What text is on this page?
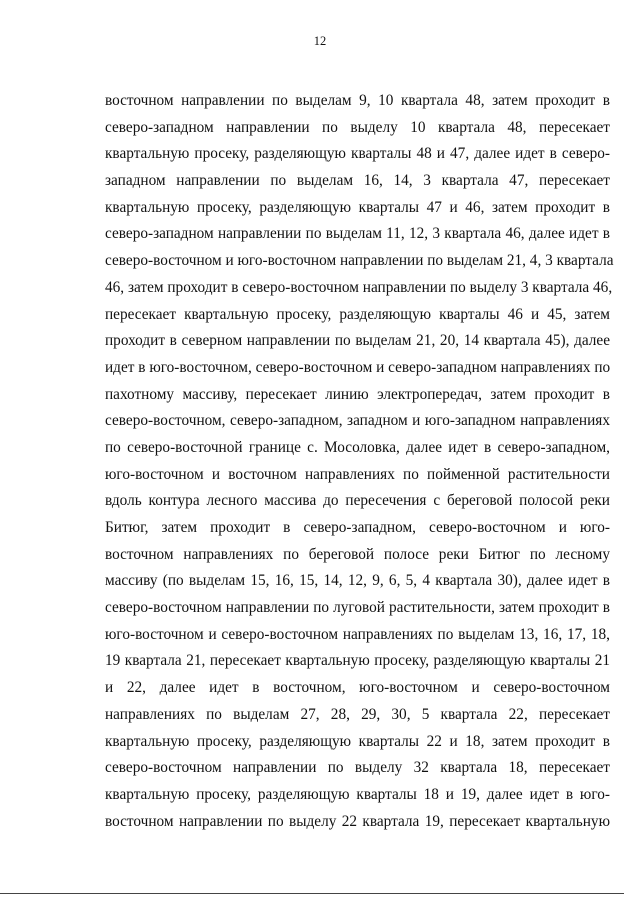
12
восточном направлении по выделам 9, 10 квартала 48, затем проходит в
северо-западном направлении по выделу 10 квартала 48, пересекает
квартальную просеку, разделяющую кварталы 48 и 47, далее идет в северо-
западном направлении по выделам 16, 14, 3 квартала 47, пересекает
квартальную просеку, разделяющую кварталы 47 и 46, затем проходит в
северо-западном направлении по выделам 11, 12, 3 квартала 46, далее идет в
северо-восточном и юго-восточном направлении по выделам 21, 4, 3 квартала
46, затем проходит в северо-восточном направлении по выделу 3 квартала 46,
пересекает квартальную просеку, разделяющую кварталы 46 и 45, затем
проходит в северном направлении по выделам 21, 20, 14 квартала 45), далее
идет в юго-восточном, северо-восточном и северо-западном направлениях по
пахотному массиву, пересекает линию электропередач, затем проходит в
северо-восточном, северо-западном, западном и юго-западном направлениях
по северо-восточной границе с. Мосоловка, далее идет в северо-западном,
юго-восточном и восточном направлениях по пойменной растительности
вдоль контура лесного массива до пересечения с береговой полосой реки
Битюг, затем проходит в северо-западном, северо-восточном и юго-
восточном направлениях по береговой полосе реки Битюг по лесному
массиву (по выделам 15, 16, 15, 14, 12, 9, 6, 5, 4 квартала 30), далее идет в
северо-восточном направлении по луговой растительности, затем проходит в
юго-восточном и северо-восточном направлениях по выделам 13, 16, 17, 18,
19 квартала 21, пересекает квартальную просеку, разделяющую кварталы 21
и 22, далее идет в восточном, юго-восточном и северо-восточном
направлениях по выделам 27, 28, 29, 30, 5 квартала 22, пересекает
квартальную просеку, разделяющую кварталы 22 и 18, затем проходит в
северо-восточном направлении по выделу 32 квартала 18, пересекает
квартальную просеку, разделяющую кварталы 18 и 19, далее идет в юго-
восточном направлении по выделу 22 квартала 19, пересекает квартальную
